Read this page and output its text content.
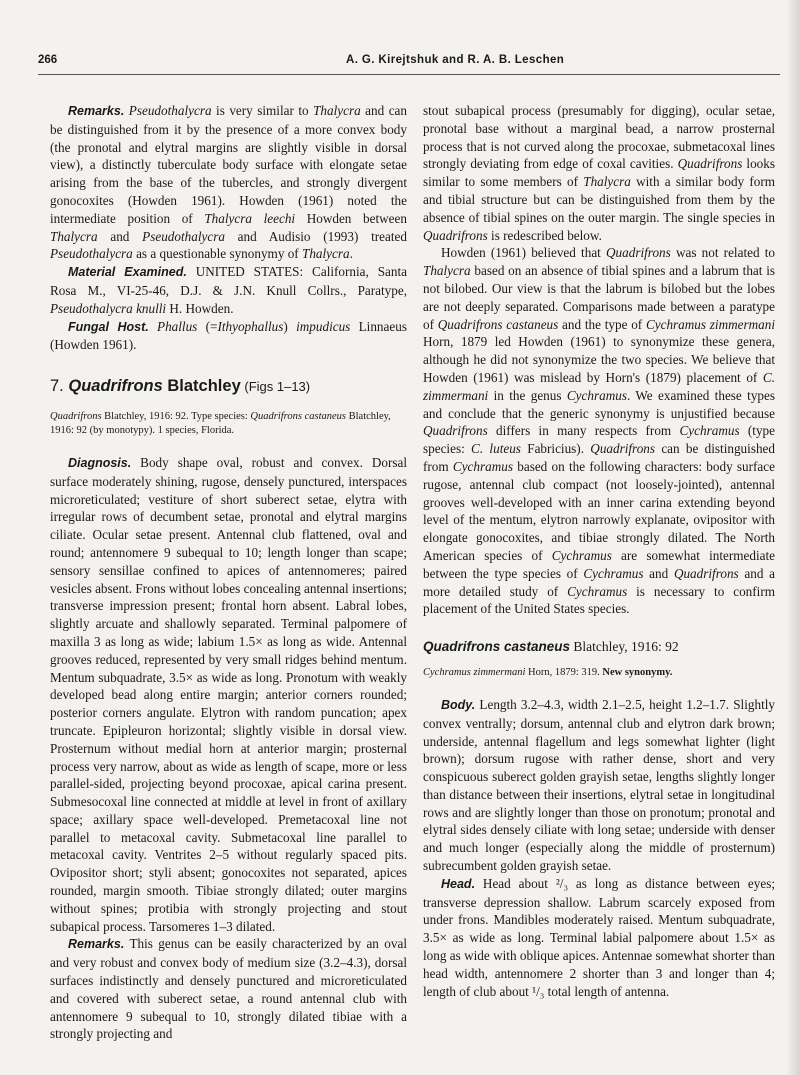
266	A. G. Kirejtshuk and R. A. B. Leschen

Remarks. Pseudothalycra is very similar to Thalycra and can be distinguished from it by the presence of a more convex body (the pronotal and elytral margins are slightly visible in dorsal view), a distinctly tuberculate body surface with elongate setae arising from the base of the tubercles, and strongly divergent gonocoxites (Howden 1961). Howden (1961) noted the intermediate position of Thalycra leechi Howden between Thalycra and Pseudothalycra and Audisio (1993) treated Pseudothalycra as a questionable synonymy of Thalycra.

Material Examined. UNITED STATES: California, Santa Rosa M., VI-25-46, D.J. & J.N. Knull Collrs., Paratype, Pseudothalycra knulli H. Howden.

Fungal Host. Phallus (=Ithyophallus) impudicus Linnaeus (Howden 1961).

7. Quadrifrons Blatchley (Figs 1–13)

Quadrifrons Blatchley, 1916: 92. Type species: Quadrifrons castaneus Blatchley, 1916: 92 (by monotypy). 1 species, Florida.

Diagnosis. Body shape oval, robust and convex. Dorsal surface moderately shining, rugose, densely punctured, interspaces microreticulated; vestiture of short suberect setae, elytra with irregular rows of decumbent setae, pronotal and elytral margins ciliate. Ocular setae present. Antennal club flattened, oval and round; antennomere 9 subequal to 10; length longer than scape; sensory sensillae confined to apices of antennomeres; paired vesicles absent. Frons without lobes concealing antennal insertions; transverse impression present; frontal horn absent. Labral lobes, slightly arcuate and shallowly separated. Terminal palpomere of maxilla 3 as long as wide; labium 1.5× as long as wide. Antennal grooves reduced, represented by very small ridges behind mentum. Mentum subquadrate, 3.5× as wide as long. Pronotum with weakly developed bead along entire margin; anterior corners rounded; posterior corners angulate. Elytron with random puncation; apex truncate. Epipleuron horizontal; slightly visible in dorsal view. Prosternum without medial horn at anterior margin; prosternal process very narrow, about as wide as length of scape, more or less parallel-sided, projecting beyond procoxae, apical carina present. Submesocoxal line connected at middle at level in front of axillary space; axillary space well-developed. Premetacoxal line not parallel to metacoxal cavity. Submetacoxal line parallel to metacoxal cavity. Ventrites 2–5 without regularly spaced pits. Ovipositor short; styli absent; gonocoxites not separated, apices rounded, margin smooth. Tibiae strongly dilated; outer margins without spines; protibia with strongly projecting and stout subapical process. Tarsomeres 1–3 dilated.

Remarks. This genus can be easily characterized by an oval and very robust and convex body of medium size (3.2–4.3), dorsal surfaces indistinctly and densely punctured and microreticulated and covered with suberect setae, a round antennal club with antennomere 9 subequal to 10, strongly dilated tibiae with a strongly projecting and

stout subapical process (presumably for digging), ocular setae, pronotal base without a marginal bead, a narrow prosternal process that is not curved along the procoxae, submetacoxal lines strongly deviating from edge of coxal cavities. Quadrifrons looks similar to some members of Thalycra with a similar body form and tibial structure but can be distinguished from them by the absence of tibial spines on the outer margin. The single species in Quadrifrons is redescribed below.

Howden (1961) believed that Quadrifrons was not related to Thalycra based on an absence of tibial spines and a labrum that is not bilobed. Our view is that the labrum is bilobed but the lobes are not deeply separated. Comparisons made between a paratype of Quadrifrons castaneus and the type of Cychramus zimmermani Horn, 1879 led Howden (1961) to synonymize these genera, although he did not synonymize the two species. We believe that Howden (1961) was mislead by Horn's (1879) placement of C. zimmermani in the genus Cychramus. We examined these types and conclude that the generic synonymy is unjustified because Quadrifrons differs in many respects from Cychramus (type species: C. luteus Fabricius). Quadrifrons can be distinguished from Cychramus based on the following characters: body surface rugose, antennal club compact (not loosely-jointed), antennal grooves well-developed with an inner carina extending beyond level of the mentum, elytron narrowly explanate, ovipositor with elongate gonocoxites, and tibiae strongly dilated. The North American species of Cychramus are somewhat intermediate between the type species of Cychramus and Quadrifrons and a more detailed study of Cychramus is necessary to confirm placement of the United States species.

Quadrifrons castaneus Blatchley, 1916: 92

Cychramus zimmermani Horn, 1879: 319. New synonymy.

Body. Length 3.2–4.3, width 2.1–2.5, height 1.2–1.7. Slightly convex ventrally; dorsum, antennal club and elytron dark brown; underside, antennal flagellum and legs somewhat lighter (light brown); dorsum rugose with rather dense, short and very conspicuous suberect golden grayish setae, lengths slightly longer than distance between their insertions, elytral setae in longitudinal rows and are slightly longer than those on pronotum; pronotal and elytral sides densely ciliate with long setae; underside with denser and much longer (especially along the middle of prosternum) subrecumbent golden grayish setae.

Head. Head about ²/₃ as long as distance between eyes; transverse depression shallow. Labrum scarcely exposed from under frons. Mandibles moderately raised. Mentum subquadrate, 3.5× as wide as long. Terminal labial palpomere about 1.5× as long as wide with oblique apices. Antennae somewhat shorter than head width, antennomere 2 shorter than 3 and longer than 4; length of club about ¹/₃ total length of antenna.
